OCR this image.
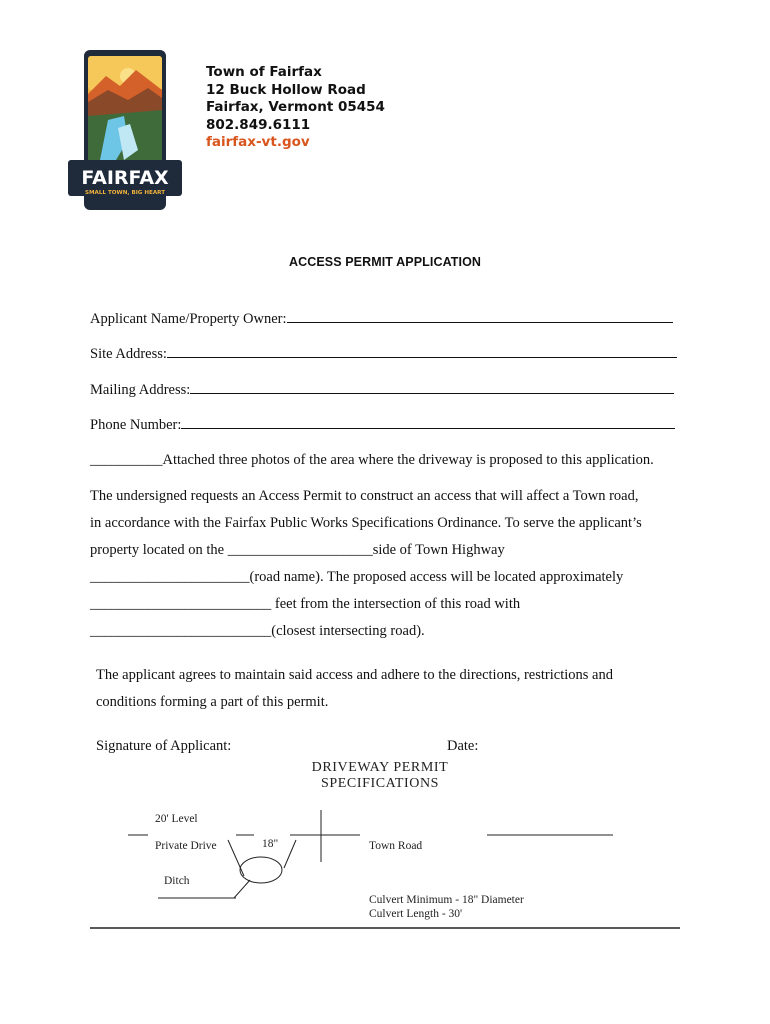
FAIRFAX
SMALL TOWN, BIG HEART
Town of Fairfax
12 Buck Hollow Road
Fairfax, Vermont 05454
802.849.6111
fairfax-vt.gov
ACCESS PERMIT APPLICATION
Applicant Name/Property Owner:
Site Address:
Mailing Address:
Phone Number:
__________Attached three photos of the area where the driveway is proposed to this application.
The undersigned requests an Access Permit to construct an access that will affect a Town road,
in accordance with the Fairfax Public Works Specifications Ordinance. To serve the applicant’s
property located on the ____________________side of Town Highway
______________________(road name). The proposed access will be located approximately
_________________________ feet from the intersection of this road with
_________________________(closest intersecting road).
The applicant agrees to maintain said access and adhere to the directions, restrictions and
conditions forming a part of this permit.
Signature of Applicant:	Date:
DRIVEWAY PERMIT
SPECIFICATIONS
20' Level
Private Drive	18"	Town Road
Ditch
Culvert Minimum - 18" Diameter
Culvert Length - 30'
